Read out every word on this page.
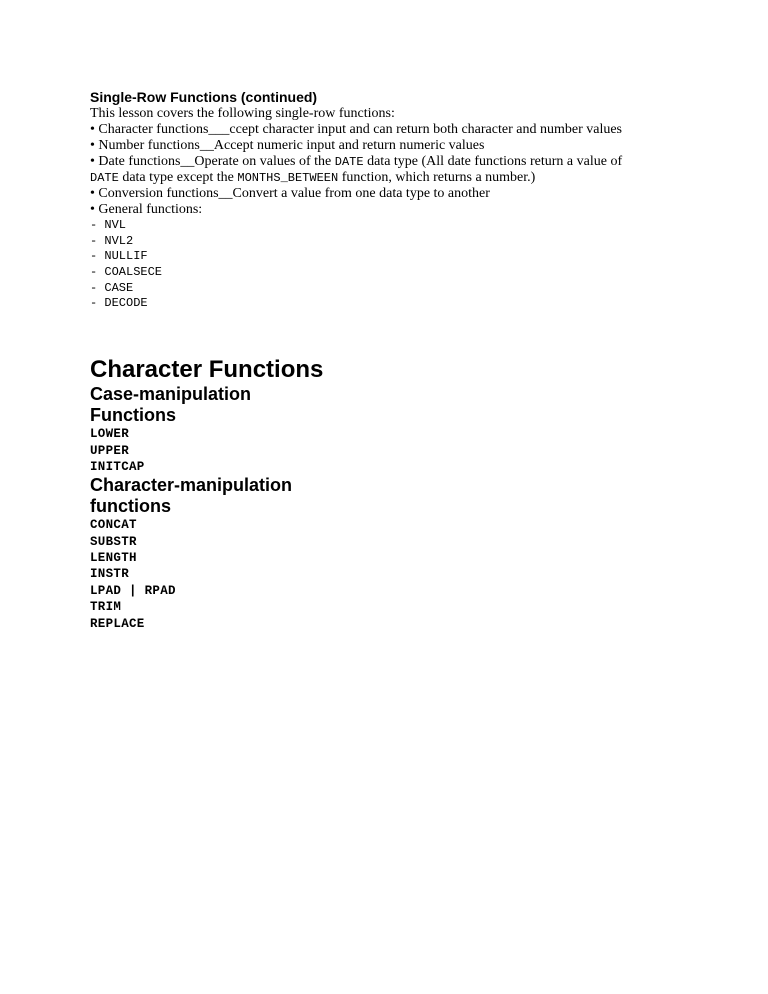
Single-Row Functions (continued)

This lesson covers the following single-row functions:

• Character functions___ccept character input and can return both character and number values

• Number functions__Accept numeric input and return numeric values

• Date functions__Operate on values of the DATE data type (All date functions return a value of

DATE data type except the MONTHS_BETWEEN function, which returns a number.)

• Conversion functions__Convert a value from one data type to another

• General functions:

- NVL
- NVL2
- NULLIF
- COALSECE
- CASE
- DECODE

Character Functions

Case-manipulation

Functions

LOWER
UPPER
INITCAP

Character-manipulation

functions

CONCAT
SUBSTR
LENGTH
INSTR
LPAD | RPAD
TRIM
REPLACE
